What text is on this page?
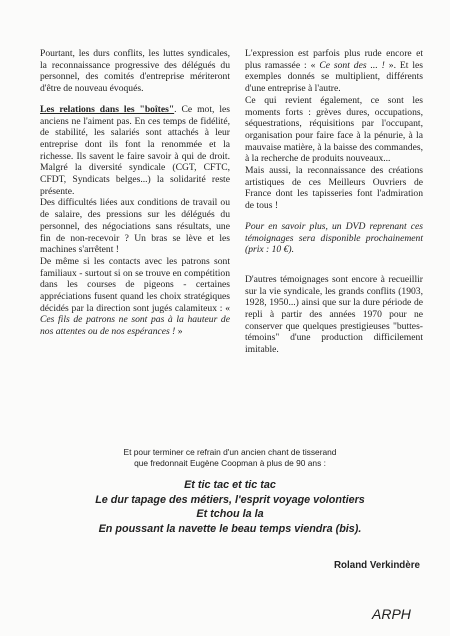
Pourtant, les durs conflits, les luttes syndicales, la reconnaissance progressive des délégués du personnel, des comités d'entreprise mériteront d'être de nouveau évoqués.

Les relations dans les "boîtes". Ce mot, les anciens ne l'aiment pas. En ces temps de fidélité, de stabilité, les salariés sont attachés à leur entreprise dont ils font la renommée et la richesse. Ils savent le faire savoir à qui de droit. Malgré la diversité syndicale (CGT, CFTC, CFDT, Syndicats belges...) la solidarité reste présente.

Des difficultés liées aux conditions de travail ou de salaire, des pressions sur les délégués du personnel, des négociations sans résultats, une fin de non-recevoir ? Un bras se lève et les machines s'arrêtent !

De même si les contacts avec les patrons sont familiaux - surtout si on se trouve en compétition dans les courses de pigeons - certaines appréciations fusent quand les choix stratégiques décidés par la direction sont jugés calamiteux : « Ces fils de patrons ne sont pas à la hauteur de nos attentes ou de nos espérances ! »

L'expression est parfois plus rude encore et plus ramassée : « Ce sont des ... ! ». Et les exemples donnés se multiplient, différents d'une entreprise à l'autre.

Ce qui revient également, ce sont les moments forts : grèves dures, occupations, séquestrations, réquisitions par l'occupant, organisation pour faire face à la pénurie, à la mauvaise matière, à la baisse des commandes, à la recherche de produits nouveaux...

Mais aussi, la reconnaissance des créations artistiques de ces Meilleurs Ouvriers de France dont les tapisseries font l'admiration de tous !

Pour en savoir plus, un DVD reprenant ces témoignages sera disponible prochainement (prix : 10 €).

D'autres témoignages sont encore à recueillir sur la vie syndicale, les grands conflits (1903, 1928, 1950...) ainsi que sur la dure période de repli à partir des années 1970 pour ne conserver que quelques prestigieuses "buttes-témoins" d'une production difficilement imitable.

Et pour terminer ce refrain d'un ancien chant de tisserand
que fredonnait Eugène Coopman à plus de 90 ans :

Et tic tac et tic tac
Le dur tapage des métiers, l'esprit voyage volontiers
Et tchou la la
En poussant la navette le beau temps viendra (bis).
Roland Verkindère
ARPH
